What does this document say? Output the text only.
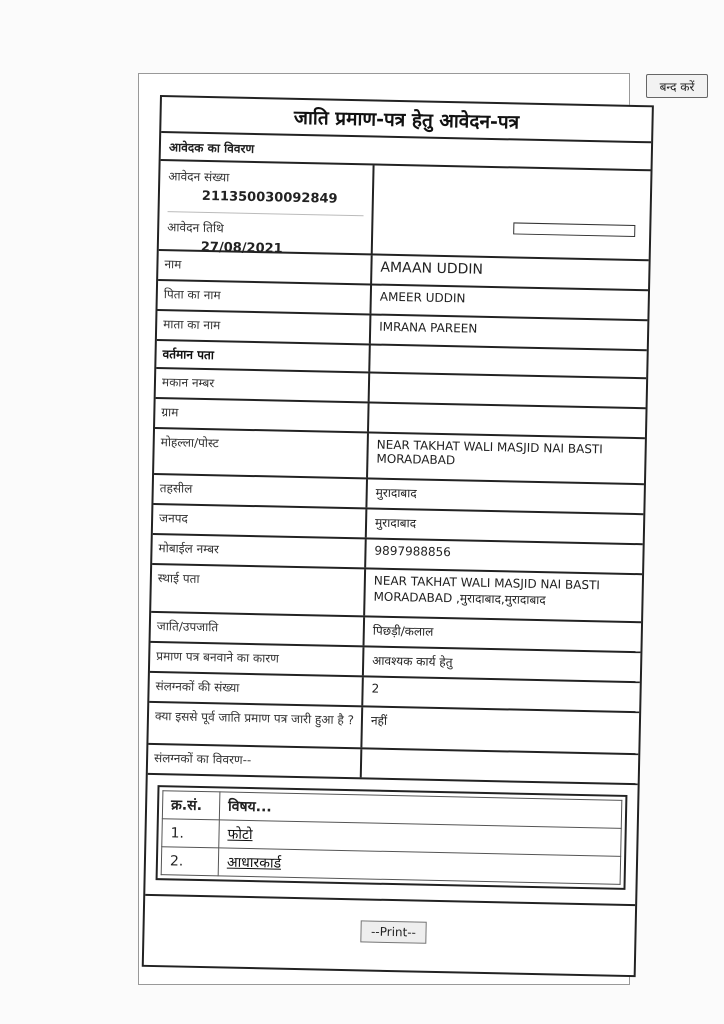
बन्द करें
जाति प्रमाण-पत्र हेतु आवेदन-पत्र
आवेदक का विवरण
आवेदन संख्या
211350030092849
आवेदन तिथि
27/08/2021
नाम	AMAAN UDDIN
पिता का नाम	AMEER UDDIN
माता का नाम	IMRANA PAREEN
वर्तमान पता
मकान नम्बर
ग्राम
मोहल्ला/पोस्ट	NEAR TAKHAT WALI MASJID NAI BASTI MORADABAD
तहसील	मुरादाबाद
जनपद	मुरादाबाद
मोबाईल नम्बर	9897988856
स्थाई पता	NEAR TAKHAT WALI MASJID NAI BASTI MORADABAD ,मुरादाबाद,मुरादाबाद
जाति/उपजाति	पिछड़ी/कलाल
प्रमाण पत्र बनवाने का कारण	आवश्यक कार्य हेतु
संलग्नकों की संख्या	2
क्या इससे पूर्व जाति प्रमाण पत्र जारी हुआ है ?	नहीं
संलग्नकों का विवरण--
क्र.सं.	विषय...
1.	फोटो
2.	आधारकार्ड
--Print--
